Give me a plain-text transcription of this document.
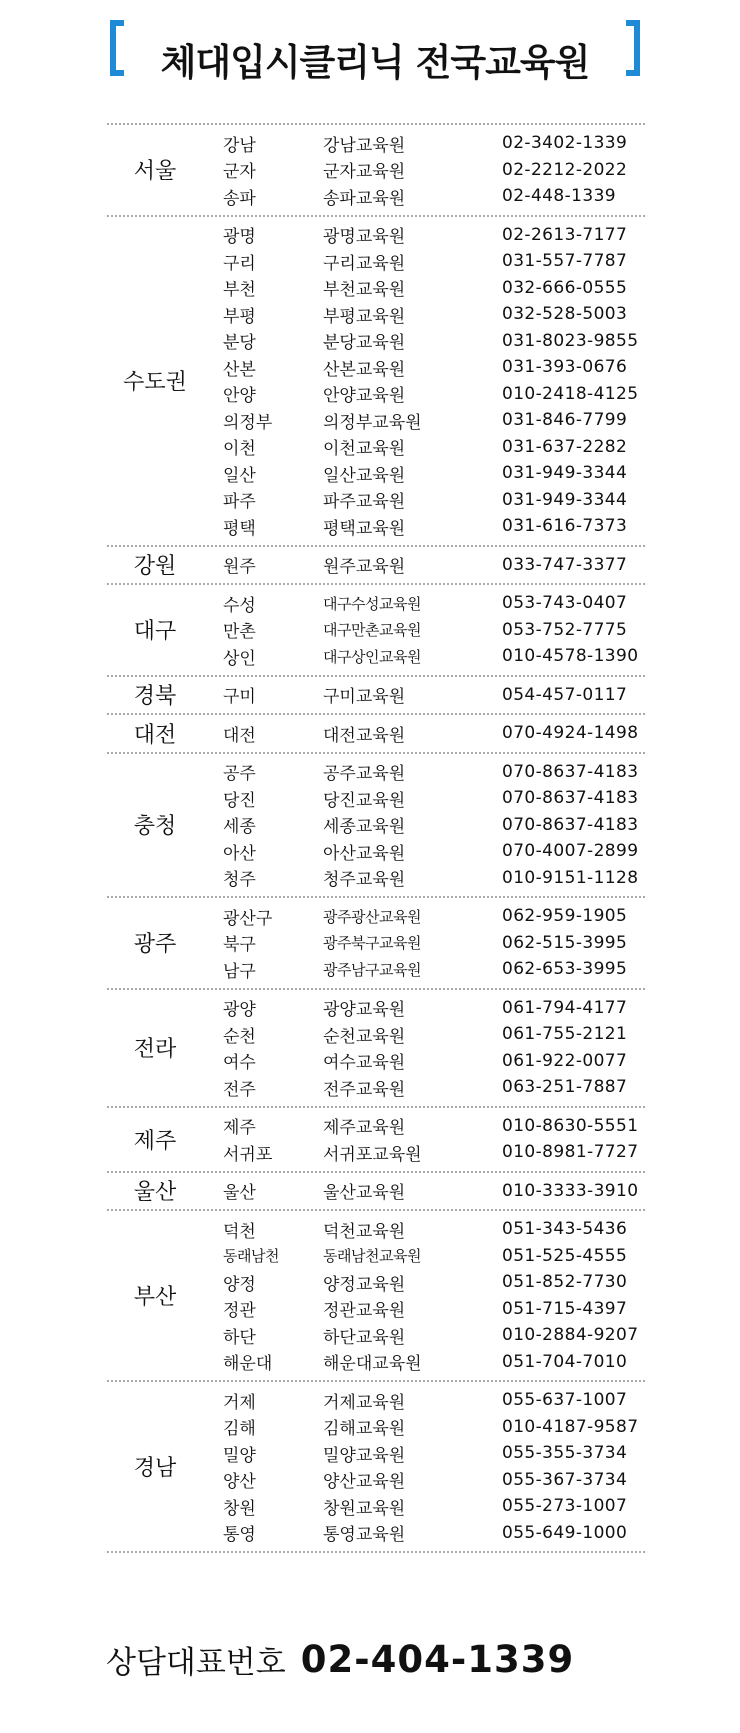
체대입시클리닉 전국교육원
서울
강남	강남교육원	02-3402-1339
군자	군자교육원	02-2212-2022
송파	송파교육원	02-448-1339
수도권
광명	광명교육원	02-2613-7177
구리	구리교육원	031-557-7787
부천	부천교육원	032-666-0555
부평	부평교육원	032-528-5003
분당	분당교육원	031-8023-9855
산본	산본교육원	031-393-0676
안양	안양교육원	010-2418-4125
의정부	의정부교육원	031-846-7799
이천	이천교육원	031-637-2282
일산	일산교육원	031-949-3344
파주	파주교육원	031-949-3344
평택	평택교육원	031-616-7373
강원	원주	원주교육원	033-747-3377
대구
수성	대구수성교육원	053-743-0407
만촌	대구만촌교육원	053-752-7775
상인	대구상인교육원	010-4578-1390
경북	구미	구미교육원	054-457-0117
대전	대전	대전교육원	070-4924-1498
충청
공주	공주교육원	070-8637-4183
당진	당진교육원	070-8637-4183
세종	세종교육원	070-8637-4183
아산	아산교육원	070-4007-2899
청주	청주교육원	010-9151-1128
광주
광산구	광주광산교육원	062-959-1905
북구	광주북구교육원	062-515-3995
남구	광주남구교육원	062-653-3995
전라
광양	광양교육원	061-794-4177
순천	순천교육원	061-755-2121
여수	여수교육원	061-922-0077
전주	전주교육원	063-251-7887
제주
제주	제주교육원	010-8630-5551
서귀포	서귀포교육원	010-8981-7727
울산	울산	울산교육원	010-3333-3910
부산
덕천	덕천교육원	051-343-5436
동래남천	동래남천교육원	051-525-4555
양정	양정교육원	051-852-7730
정관	정관교육원	051-715-4397
하단	하단교육원	010-2884-9207
해운대	해운대교육원	051-704-7010
경남
거제	거제교육원	055-637-1007
김해	김해교육원	010-4187-9587
밀양	밀양교육원	055-355-3734
양산	양산교육원	055-367-3734
창원	창원교육원	055-273-1007
통영	통영교육원	055-649-1000
상담대표번호 02-404-1339
